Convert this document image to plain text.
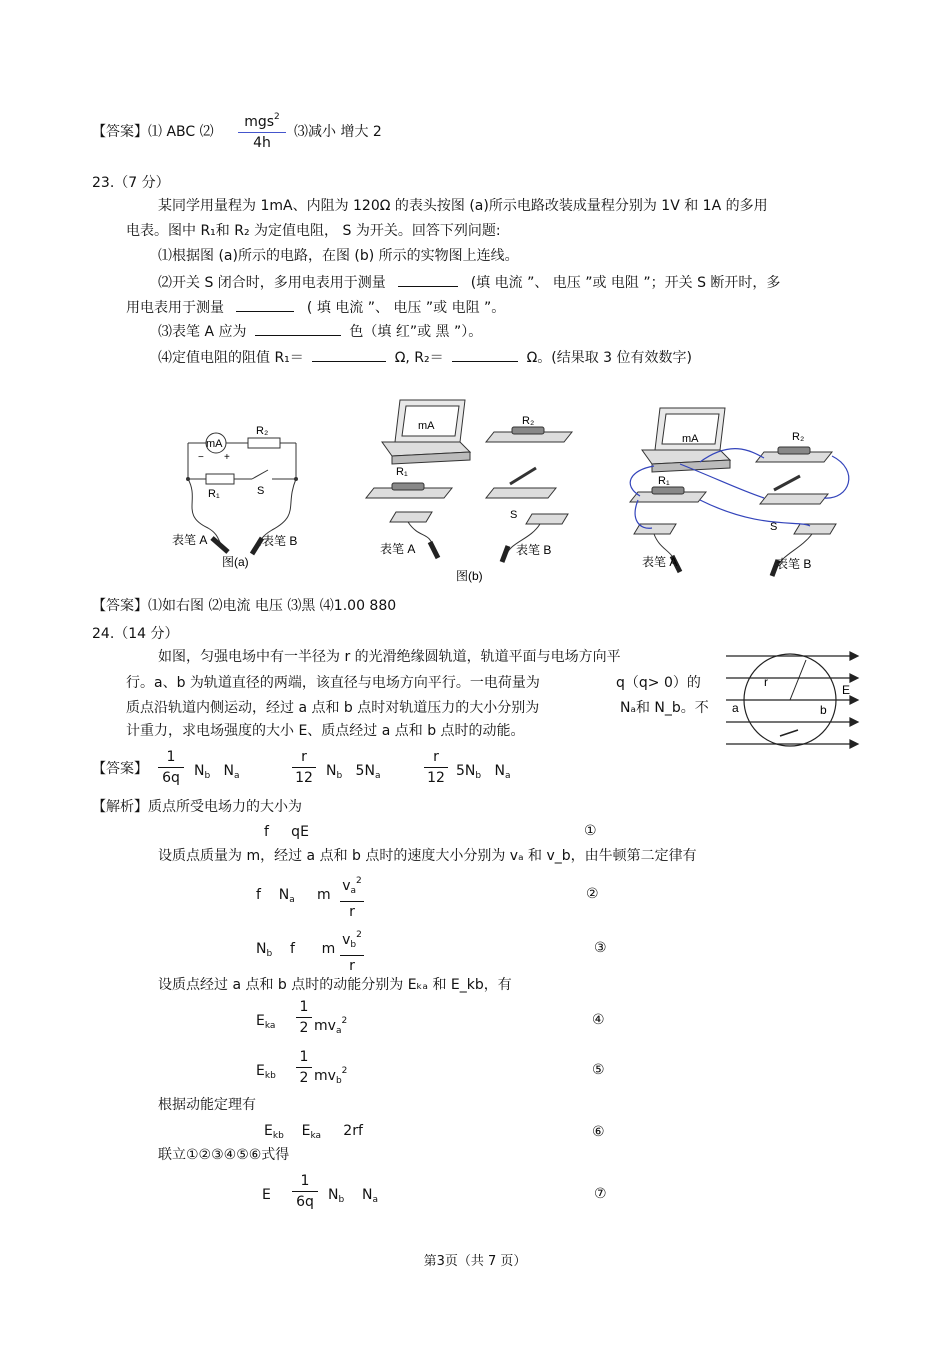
【答案】⑴ ABC ⑵
mgs$^2$
4h
⑶减小 增大 2
23.（7 分）
某同学用量程为 1mA、内阻为 120Ω 的表头按图 (a)所示电路改装成量程分别为 1V 和 1A 的多用
电表。图中 R₁和 R₂ 为定值电阻， S 为开关。回答下列问题:
⑴根据图 (a)所示的电路，在图 (b) 所示的实物图上连线。
⑵开关 S 闭合时，多用电表用于测量	(填 电流 ”、 电压 ”或 电阻 ”；开关 S 断开时，多
用电表用于测量	( 填 电流 ”、 电压 ”或 电阻 ”。
⑶表笔 A 应为	色（填 红”或 黑 ”）。
⑷定值电阻的阻值 R₁＝	Ω, R₂＝	Ω。(结果取 3 位有效数字)
mA
R₂
R₁	S
− +
表笔 A	表笔 B
图(a)
mA	R₂
R₁
S
表笔 A	表笔 B
图(b)
mA	R₂
R₁
S
表笔 A	表笔 B
【答案】⑴如右图 ⑵电流 电压 ⑶黑 ⑷1.00 880
24.（14 分）
如图，匀强电场中有一半径为 r 的光滑绝缘圆轨道，轨道平面与电场方向平
行。a、b 为轨道直径的两端，该直径与电场方向平行。一电荷量为	q（q> 0）的
质点沿轨道内侧运动，经过 a 点和 b 点时对轨道压力的大小分别为	Nₐ和 N_b。不
计重力，求电场强度的大小 E、质点经过 a 点和 b 点时的动能。
r
a	b
E
【答案】
1
6q $N_b$   $N_a$
r
12 $N_b$   $5N_a$
r
12 $5N_b$   $N_a$
【解析】质点所受电场力的大小为
f     qE	①
设质点质量为 m，经过 a 点和 b 点时的速度大小分别为 vₐ 和 v_b，由牛顿第二定律有
f    $N_a$     m
$v_a^2$
r
②
$N_b$    f      m
$v_b^2$
r
③
设质点经过 a 点和 b 点时的动能分别为 Eₖₐ 和 E_kb，有
$E_{ka}$
1
2 $mv_a^2$	④
$E_{kb}$
1
2 $mv_b^2$	⑤
根据动能定理有
$E_{kb}$    $E_{ka}$     2rf	⑥
联立①②③④⑤⑥式得
E
1
6q $N_b$    $N_a$	⑦
第3页（共 7 页）
